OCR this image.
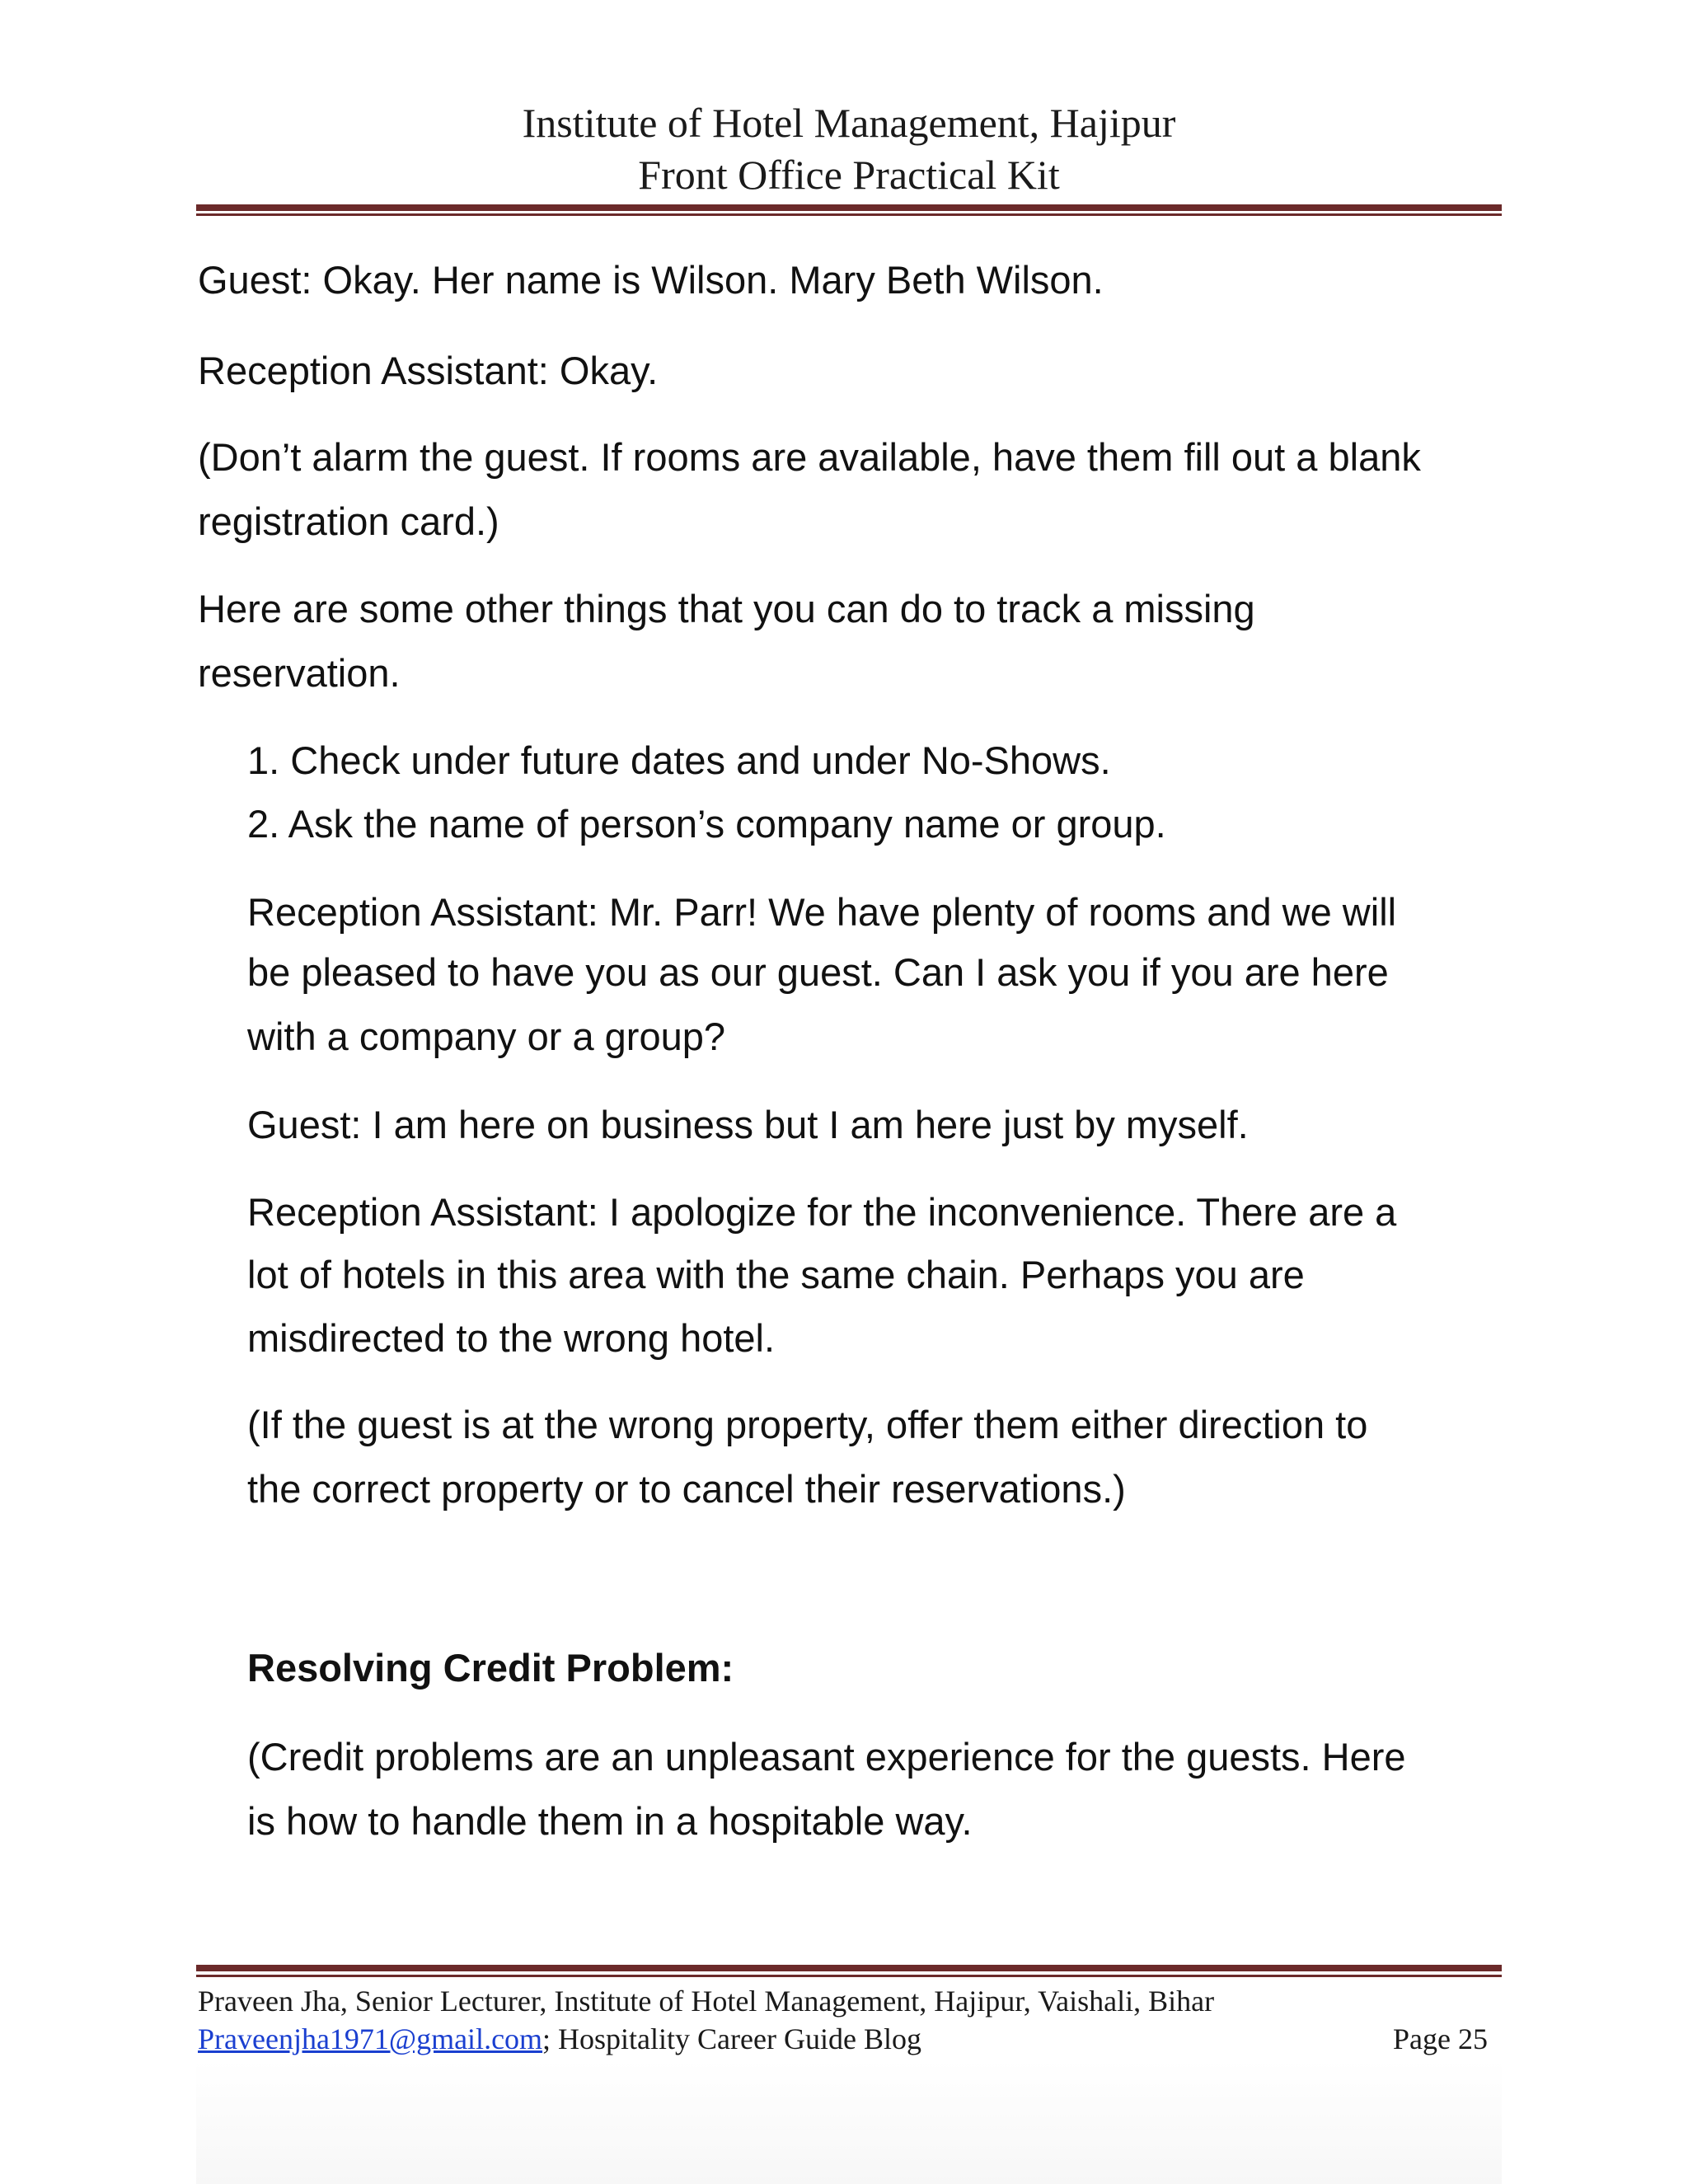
Institute of Hotel Management, Hajipur
Front Office Practical Kit
Guest: Okay. Her name is Wilson. Mary Beth Wilson.
Reception Assistant: Okay.
(Don’t alarm the guest. If rooms are available, have them fill out a blank
registration card.)
Here are some other things that you can do to track a missing
reservation.
1. Check under future dates and under No-Shows.
2. Ask the name of person’s company name or group.
Reception Assistant: Mr. Parr! We have plenty of rooms and we will
be pleased to have you as our guest. Can I ask you if you are here
with a company or a group?
Guest: I am here on business but I am here just by myself.
Reception Assistant: I apologize for the inconvenience. There are a
lot of hotels in this area with the same chain. Perhaps you are
misdirected to the wrong hotel.
(If the guest is at the wrong property, offer them either direction to
the correct property or to cancel their reservations.)
Resolving Credit Problem:
(Credit problems are an unpleasant experience for the guests. Here
is how to handle them in a hospitable way.
Praveen Jha, Senior Lecturer, Institute of Hotel Management, Hajipur, Vaishali, Bihar
Praveenjha1971@gmail.com; Hospitality Career Guide Blog	Page 25
